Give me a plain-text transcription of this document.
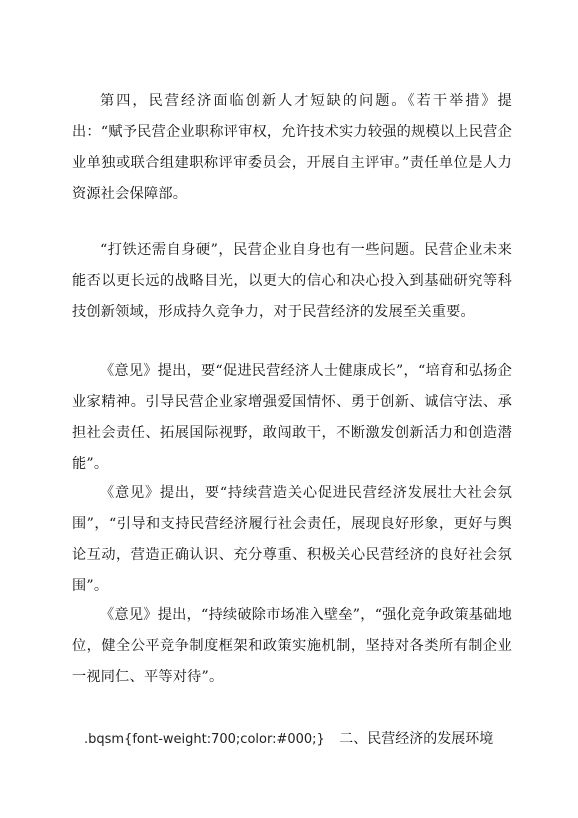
第四，民营经济面临创新人才短缺的问题。《若干举措》提出：“赋予民营企业职称评审权，允许技术实力较强的规模以上民营企业单独或联合组建职称评审委员会，开展自主评审。”责任单位是人力资源社会保障部。

“打铁还需自身硬”，民营企业自身也有一些问题。民营企业未来能否以更长远的战略目光，以更大的信心和决心投入到基础研究等科技创新领域，形成持久竞争力，对于民营经济的发展至关重要。

《意见》提出，要“促进民营经济人士健康成长”，“培育和弘扬企业家精神。引导民营企业家增强爱国情怀、勇于创新、诚信守法、承担社会责任、拓展国际视野，敢闯敢干，不断激发创新活力和创造潜能”。

《意见》提出，要“持续营造关心促进民营经济发展壮大社会氛围”，“引导和支持民营经济履行社会责任，展现良好形象，更好与舆论互动，营造正确认识、充分尊重、积极关心民营经济的良好社会氛围”。

《意见》提出，“持续破除市场准入壁垒”，“强化竞争政策基础地位，健全公平竞争制度框架和政策实施机制，坚持对各类所有制企业一视同仁、平等对待”。

.bqsm{font-weight:700;color:#000;} 二、民营经济的发展环境
